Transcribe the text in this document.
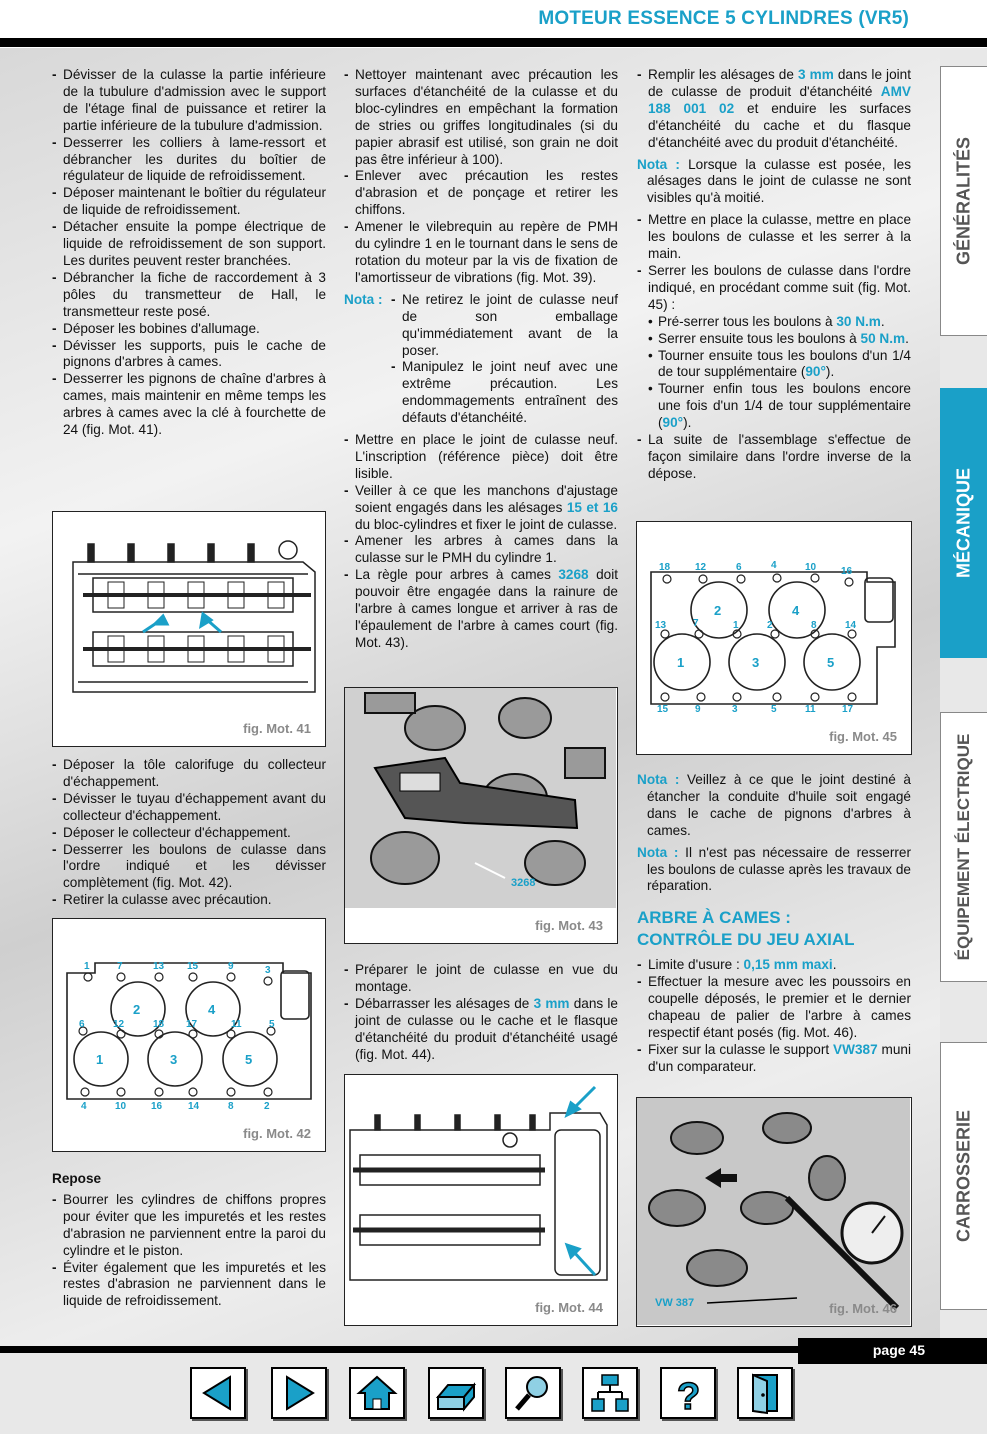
MOTEUR ESSENCE 5 CYLINDRES (VR5)
- Dévisser de la culasse la partie inférieure de la tubulure d'admission avec le support de l'étage final de puissance et retirer la partie inférieure de la tubulure d'admission.
- Desserrer les colliers à lame-ressort et débrancher les durites du boîtier de régulateur de liquide de refroidissement.
- Déposer maintenant le boîtier du régulateur de liquide de refroidissement.
- Détacher ensuite la pompe électrique de liquide de refroidissement de son support. Les durites peuvent rester branchées.
- Débrancher la fiche de raccordement à 3 pôles du transmetteur de Hall, le transmetteur reste posé.
- Déposer les bobines d'allumage.
- Dévisser les supports, puis le cache de pignons d'arbres à cames.
- Desserrer les pignons de chaîne d'arbres à cames, mais maintenir en même temps les arbres à cames avec la clé à fourchette de 24 (fig. Mot. 41).
fig. Mot. 41
- Déposer la tôle calorifuge du collecteur d'échappement.
- Dévisser le tuyau d'échappement avant du collecteur d'échappement.
- Déposer le collecteur d'échappement.
- Desserrer les boulons de culasse dans l'ordre indiqué et les dévisser complètement (fig. Mot. 42).
- Retirer la culasse avec précaution.
1	7	13 15	9	3
6	12	18 17	11	5
4	10 16	14	8	2
2	4
1	3	5
fig. Mot. 42
Repose
- Bourrer les cylindres de chiffons propres pour éviter que les impuretés et les restes d'abrasion ne parviennent entre la paroi du cylindre et le piston.
- Éviter également que les impuretés et les restes d'abrasion ne parviennent dans le liquide de refroidissement.
- Nettoyer maintenant avec précaution les surfaces d'étanchéité de la culasse et du bloc-cylindres en empêchant la formation de stries ou griffes longitudinales (si du papier abrasif est utilisé, son grain ne doit pas être inférieur à 100).
- Enlever avec précaution les restes d'abrasion et de ponçage et retirer les chiffons.
- Amener le vilebrequin au repère de PMH du cylindre 1 en le tournant dans le sens de rotation du moteur par la vis de fixation de l'amortisseur de vibrations (fig. Mot. 39).
Nota :
-	Ne retirez le joint de culasse neuf de son emballage qu'immédiatement avant de la poser.
- Manipulez le joint neuf avec une extrême précaution. Les endommagements entraînent des défauts d'étanchéité.
- Mettre en place le joint de culasse neuf. L'inscription (référence pièce) doit être lisible.
- Veiller à ce que les manchons d'ajustage soient engagés dans les alésages 15 et 16 du bloc-cylindres et fixer le joint de culasse.
- Amener les arbres à cames dans la culasse sur le PMH du cylindre 1.
- La règle pour arbres à cames 3268 doit pouvoir être engagée dans la rainure de l'arbre à cames longue et arriver à ras de l'épaulement de l'arbre à cames court (fig. Mot. 43).
3268
fig. Mot. 43
- Préparer le joint de culasse en vue du montage.
- Débarrasser les alésages de 3 mm dans le joint de culasse ou le cache et le flasque d'étanchéité du produit d'étanchéité usagé (fig. Mot. 44).
fig. Mot. 44
- Remplir les alésages de 3 mm dans le joint de culasse de produit d'étanchéité AMV 188 001 02 et enduire les surfaces d'étanchéité du cache et du flasque d'étanchéité avec du produit d'étanchéité.

Nota : Lorsque la culasse est posée, les alésages dans le joint de culasse ne sont visibles qu'à moitié.

- Mettre en place la culasse, mettre en place les boulons de culasse et les serrer à la main.
- Serrer les boulons de culasse dans l'ordre indiqué, en procédant comme suit (fig. Mot. 45) :
• Pré-serrer tous les boulons à 30 N.m.
• Serrer ensuite tous les boulons à 50 N.m.
• Tourner ensuite tous les boulons d'un 1/4 de tour supplémentaire (90°).
• Tourner enfin tous les boulons encore une fois d'un 1/4 de tour supplémentaire (90°).
- La suite de l'assemblage s'effectue de façon similaire dans l'ordre inverse de la dépose.
18 12	6	4	10 16
13	7	1	2	8	14
15	9	3	5	11	17
2	4
1	3	5
fig. Mot. 45

Nota : Veillez à ce que le joint destiné à étancher la conduite d'huile soit engagé dans le cache de pignons d'arbres à cames.

Nota : Il n'est pas nécessaire de resserrer les boulons de culasse après les travaux de réparation.

ARBRE À CAMES :
CONTRÔLE DU JEU AXIAL
- Limite d'usure : 0,15 mm maxi.
- Effectuer la mesure avec les poussoirs en coupelle déposés, le premier et le dernier chapeau de palier de l'arbre à cames respectif étant posés (fig. Mot. 46).
- Fixer sur la culasse le support VW387 muni d'un comparateur.
VW 387	fig. Mot. 46
GÉNÉRALITÉS
MÉCANIQUE
ÉQUIPEMENT ÉLECTRIQUE
CARROSSERIE
page 45
?
